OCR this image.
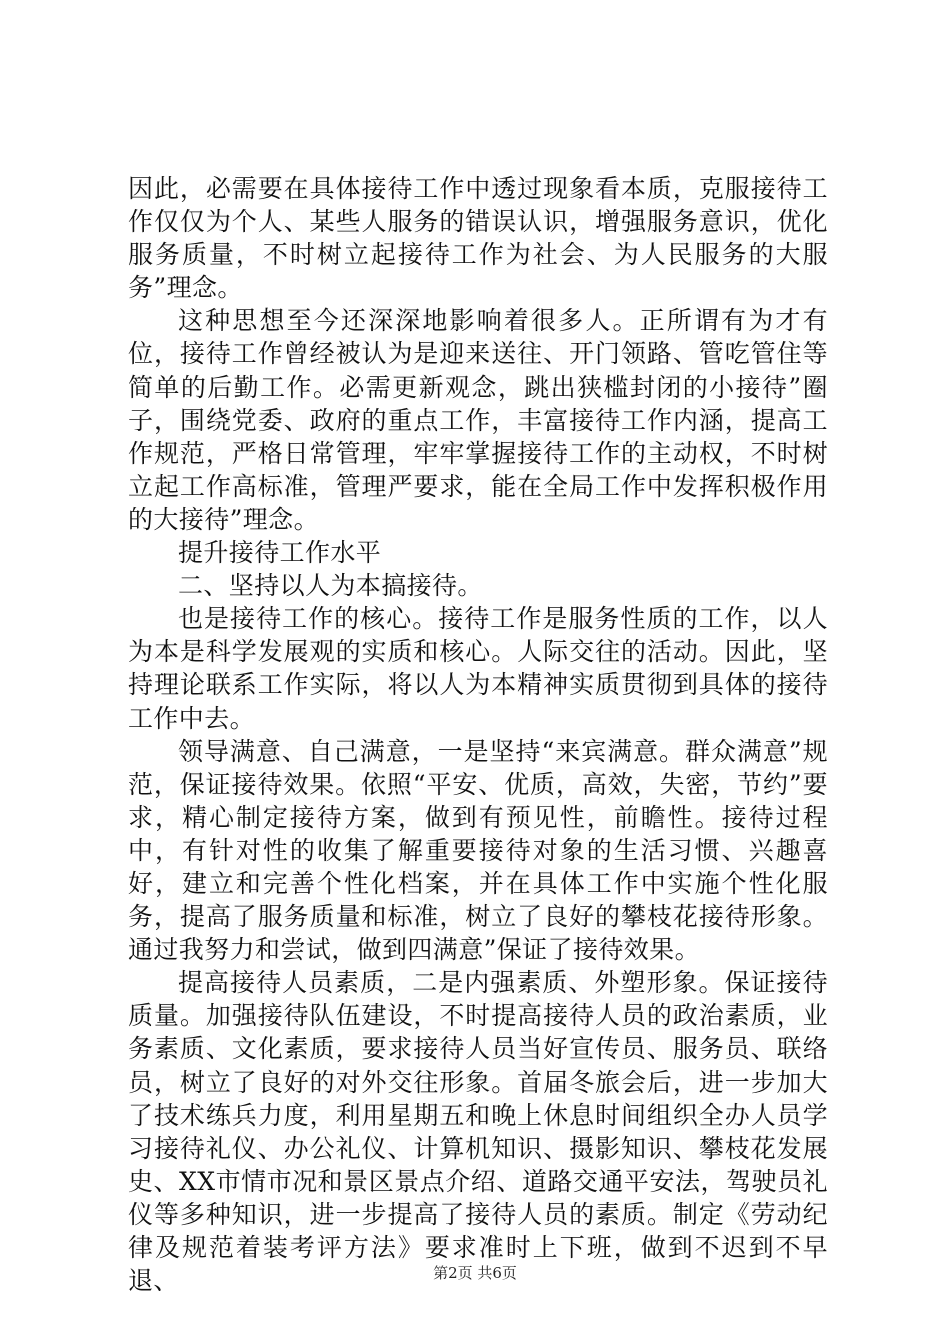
因此，必需要在具体接待工作中透过现象看本质，克服接待工作仅仅为个人、某些人服务的错误认识，增强服务意识，优化服务质量，不时树立起接待工作为社会、为人民服务的大服务”理念。

这种思想至今还深深地影响着很多人。正所谓有为才有位，接待工作曾经被认为是迎来送往、开门领路、管吃管住等简单的后勤工作。必需更新观念，跳出狭槛封闭的小接待”圈子，围绕党委、政府的重点工作，丰富接待工作内涵，提高工作规范，严格日常管理，牢牢掌握接待工作的主动权，不时树立起工作高标准，管理严要求，能在全局工作中发挥积极作用的大接待”理念。

提升接待工作水平

二、坚持以人为本搞接待。

也是接待工作的核心。接待工作是服务性质的工作，以人为本是科学发展观的实质和核心。人际交往的活动。因此，坚持理论联系工作实际，将以人为本精神实质贯彻到具体的接待工作中去。

领导满意、自己满意，一是坚持“来宾满意。群众满意”规范，保证接待效果。依照“平安、优质，高效，失密，节约”要求，精心制定接待方案，做到有预见性，前瞻性。接待过程中，有针对性的收集了解重要接待对象的生活习惯、兴趣喜好，建立和完善个性化档案，并在具体工作中实施个性化服务，提高了服务质量和标准，树立了良好的攀枝花接待形象。通过我努力和尝试，做到四满意”保证了接待效果。

提高接待人员素质，二是内强素质、外塑形象。保证接待质量。加强接待队伍建设，不时提高接待人员的政治素质，业务素质、文化素质，要求接待人员当好宣传员、服务员、联络员，树立了良好的对外交往形象。首届冬旅会后，进一步加大了技术练兵力度，利用星期五和晚上休息时间组织全办人员学习接待礼仪、办公礼仪、计算机知识、摄影知识、攀枝花发展史、XX市情市况和景区景点介绍、道路交通平安法，驾驶员礼仪等多种知识，进一步提高了接待人员的素质。制定《劳动纪律及规范着装考评方法》要求准时上下班，做到不迟到不早退、	第2页 共6页
